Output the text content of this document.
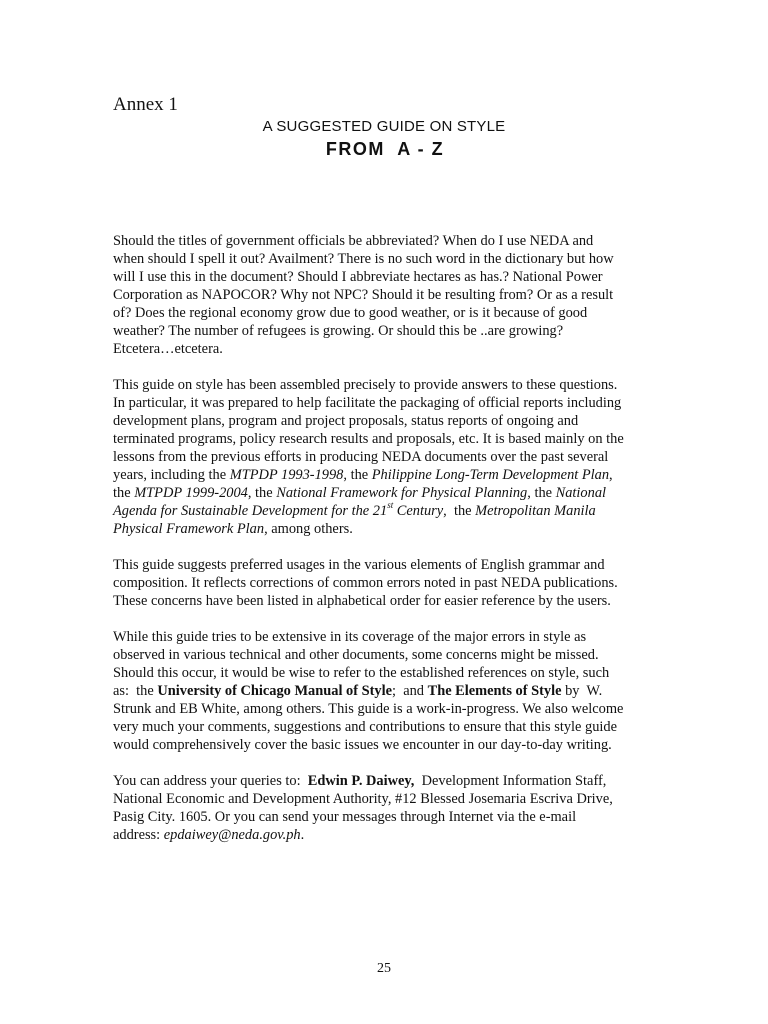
Annex 1
A SUGGESTED GUIDE ON STYLE
FROM  A - Z

Should the titles of government officials be abbreviated? When do I use NEDA and
when should I spell it out? Availment? There is no such word in the dictionary but how
will I use this in the document? Should I abbreviate hectares as has.? National Power
Corporation as NAPOCOR? Why not NPC? Should it be resulting from? Or as a result
of? Does the regional economy grow due to good weather, or is it because of good
weather? The number of refugees is growing. Or should this be ..are growing?
Etcetera…etcetera.

This guide on style has been assembled precisely to provide answers to these questions.
In particular, it was prepared to help facilitate the packaging of official reports including
development plans, program and project proposals, status reports of ongoing and
terminated programs, policy research results and proposals, etc. It is based mainly on the
lessons from the previous efforts in producing NEDA documents over the past several
years, including the MTPDP 1993-1998, the Philippine Long-Term Development Plan,
the MTPDP 1999-2004, the National Framework for Physical Planning, the National
Agenda for Sustainable Development for the 21st Century,  the Metropolitan Manila
Physical Framework Plan, among others.

This guide suggests preferred usages in the various elements of English grammar and
composition. It reflects corrections of common errors noted in past NEDA publications.
These concerns have been listed in alphabetical order for easier reference by the users.

While this guide tries to be extensive in its coverage of the major errors in style as
observed in various technical and other documents, some concerns might be missed.
Should this occur, it would be wise to refer to the established references on style, such
as:  the University of Chicago Manual of Style;  and The Elements of Style by  W.
Strunk and EB White, among others. This guide is a work-in-progress. We also welcome
very much your comments, suggestions and contributions to ensure that this style guide
would comprehensively cover the basic issues we encounter in our day-to-day writing.

You can address your queries to:  Edwin P. Daiwey,  Development Information Staff,
National Economic and Development Authority, #12 Blessed Josemaria Escriva Drive,
Pasig City. 1605. Or you can send your messages through Internet via the e-mail
address: epdaiwey@neda.gov.ph.

25
